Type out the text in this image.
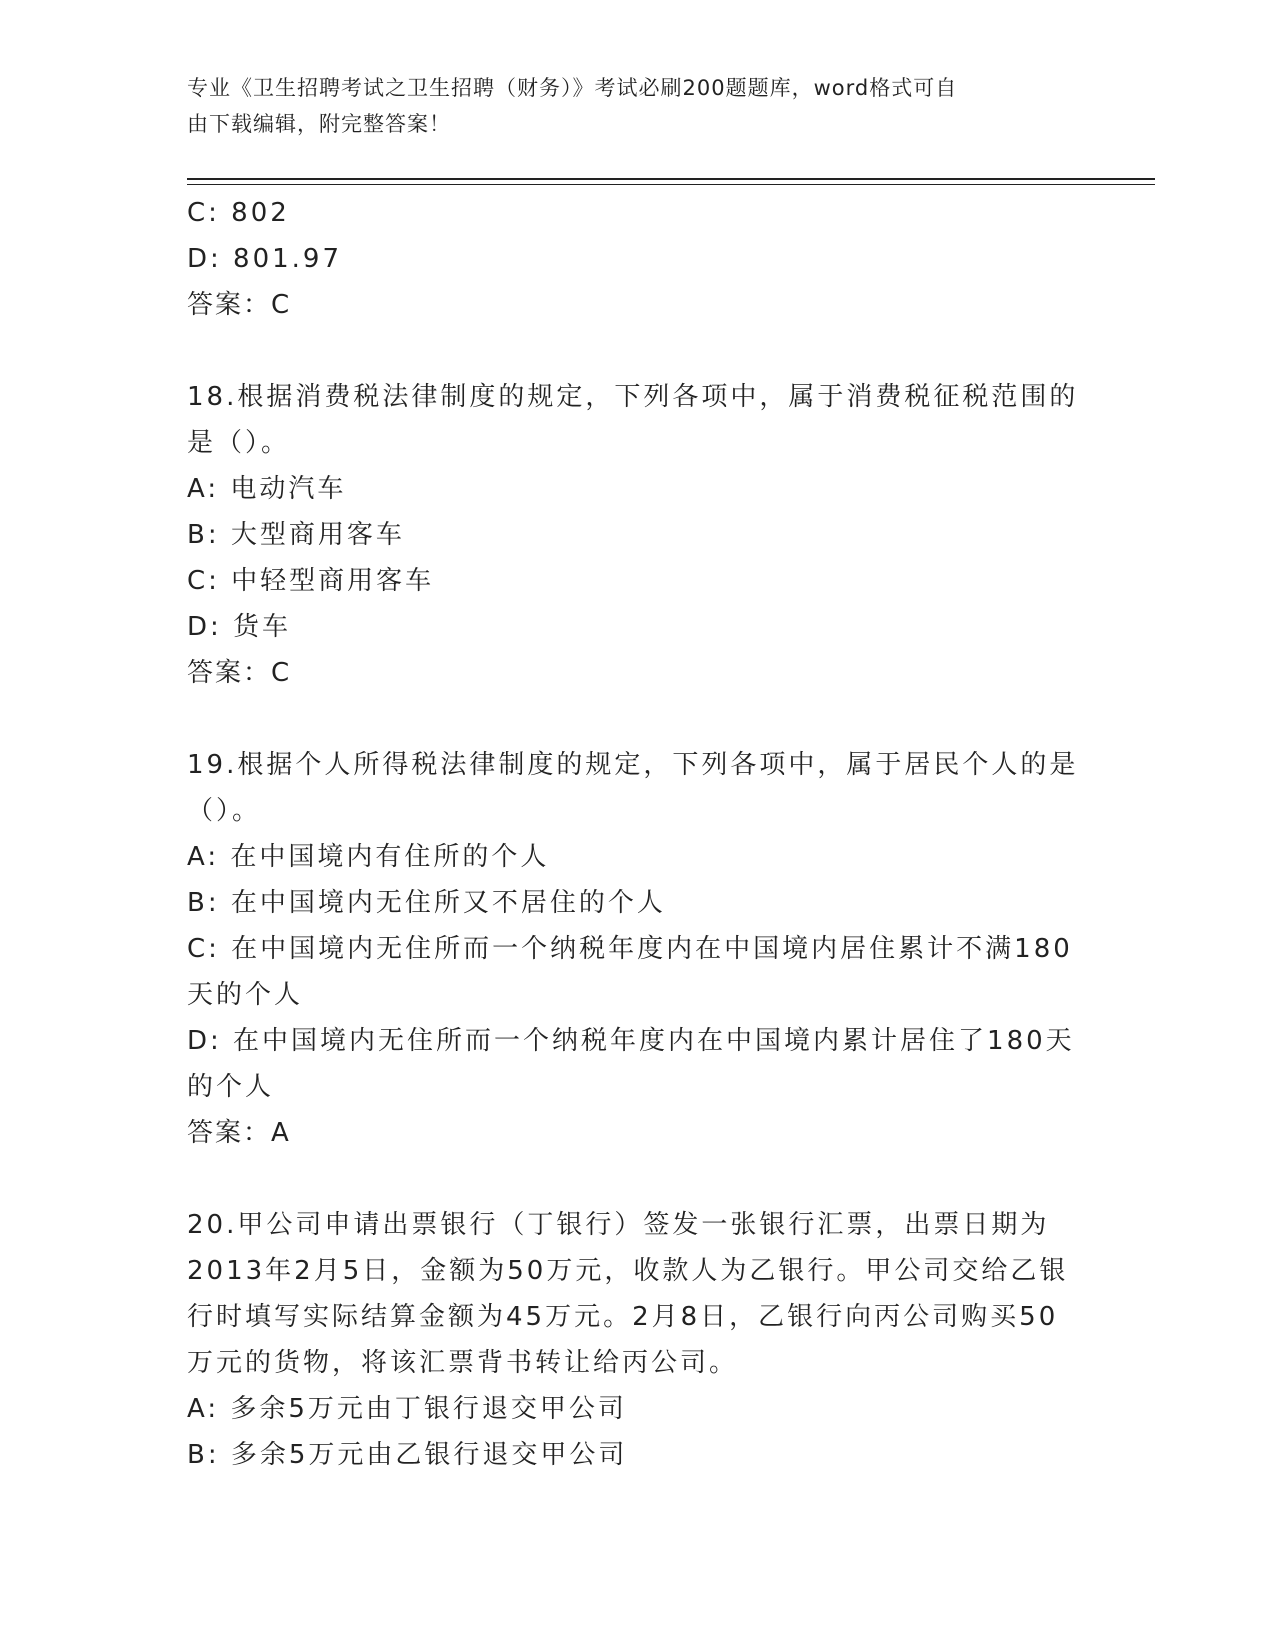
专业《卫生招聘考试之卫生招聘（财务）》考试必刷200题题库，word格式可自
由下载编辑，附完整答案！
C: 802
D: 801.97
答案：C
18.根据消费税法律制度的规定，下列各项中，属于消费税征税范围的
是（）。
A: 电动汽车
B: 大型商用客车
C: 中轻型商用客车
D: 货车
答案：C
19.根据个人所得税法律制度的规定，下列各项中，属于居民个人的是
（）。
A: 在中国境内有住所的个人
B: 在中国境内无住所又不居住的个人
C: 在中国境内无住所而一个纳税年度内在中国境内居住累计不满180
天的个人
D: 在中国境内无住所而一个纳税年度内在中国境内累计居住了180天
的个人
答案：A
20.甲公司申请出票银行（丁银行）签发一张银行汇票，出票日期为
2013年2月5日，金额为50万元，收款人为乙银行。甲公司交给乙银
行时填写实际结算金额为45万元。2月8日，乙银行向丙公司购买50
万元的货物，将该汇票背书转让给丙公司。
A: 多余5万元由丁银行退交甲公司
B: 多余5万元由乙银行退交甲公司
